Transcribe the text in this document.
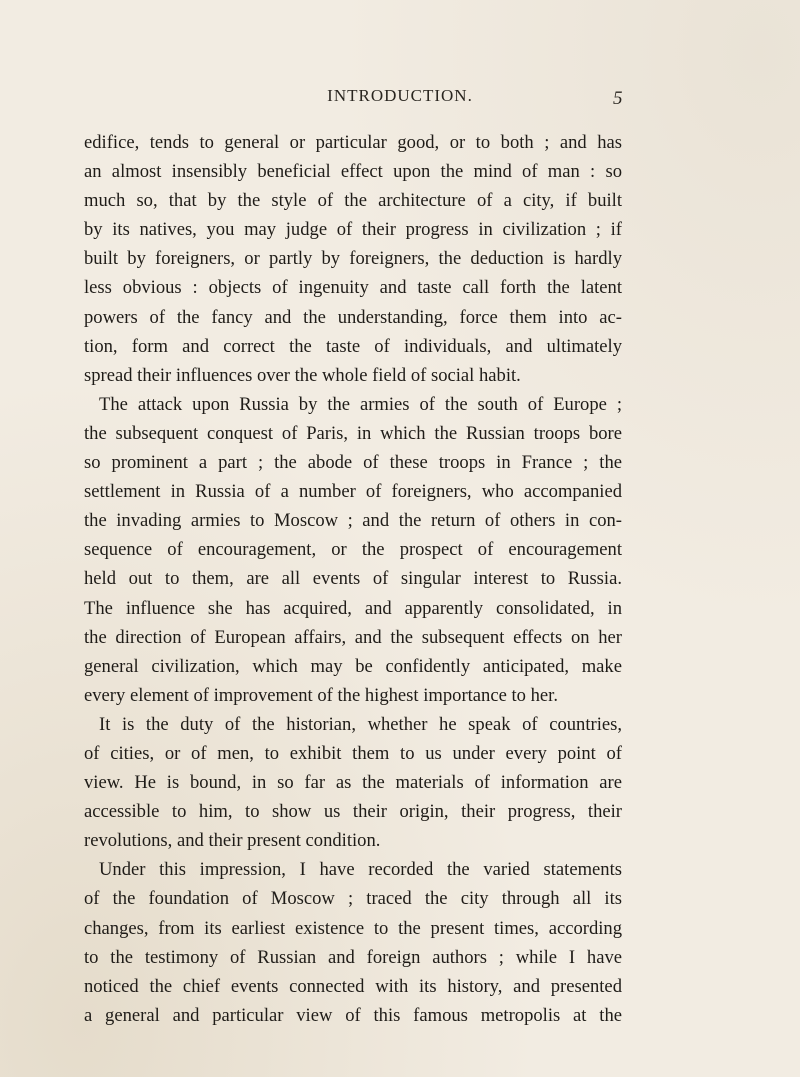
INTRODUCTION.	5
edifice, tends to general or particular good, or to both ; and has
an almost insensibly beneficial effect upon the mind of man : so
much so, that by the style of the architecture of a city, if built
by its natives, you may judge of their progress in civilization ; if
built by foreigners, or partly by foreigners, the deduction is hardly
less obvious : objects of ingenuity and taste call forth the latent
powers of the fancy and the understanding, force them into ac-
tion, form and correct the taste of individuals, and ultimately
spread their influences over the whole field of social habit.
The attack upon Russia by the armies of the south of Europe ;
the subsequent conquest of Paris, in which the Russian troops bore
so prominent a part ; the abode of these troops in France ; the
settlement in Russia of a number of foreigners, who accompanied
the invading armies to Moscow ; and the return of others in con-
sequence of encouragement, or the prospect of encouragement
held out to them, are all events of singular interest to Russia.
The influence she has acquired, and apparently consolidated, in
the direction of European affairs, and the subsequent effects on her
general civilization, which may be confidently anticipated, make
every element of improvement of the highest importance to her.
It is the duty of the historian, whether he speak of countries,
of cities, or of men, to exhibit them to us under every point of
view. He is bound, in so far as the materials of information are
accessible to him, to show us their origin, their progress, their
revolutions, and their present condition.
Under this impression, I have recorded the varied statements
of the foundation of Moscow ; traced the city through all its
changes, from its earliest existence to the present times, according
to the testimony of Russian and foreign authors ; while I have
noticed the chief events connected with its history, and presented
a general and particular view of this famous metropolis at the
